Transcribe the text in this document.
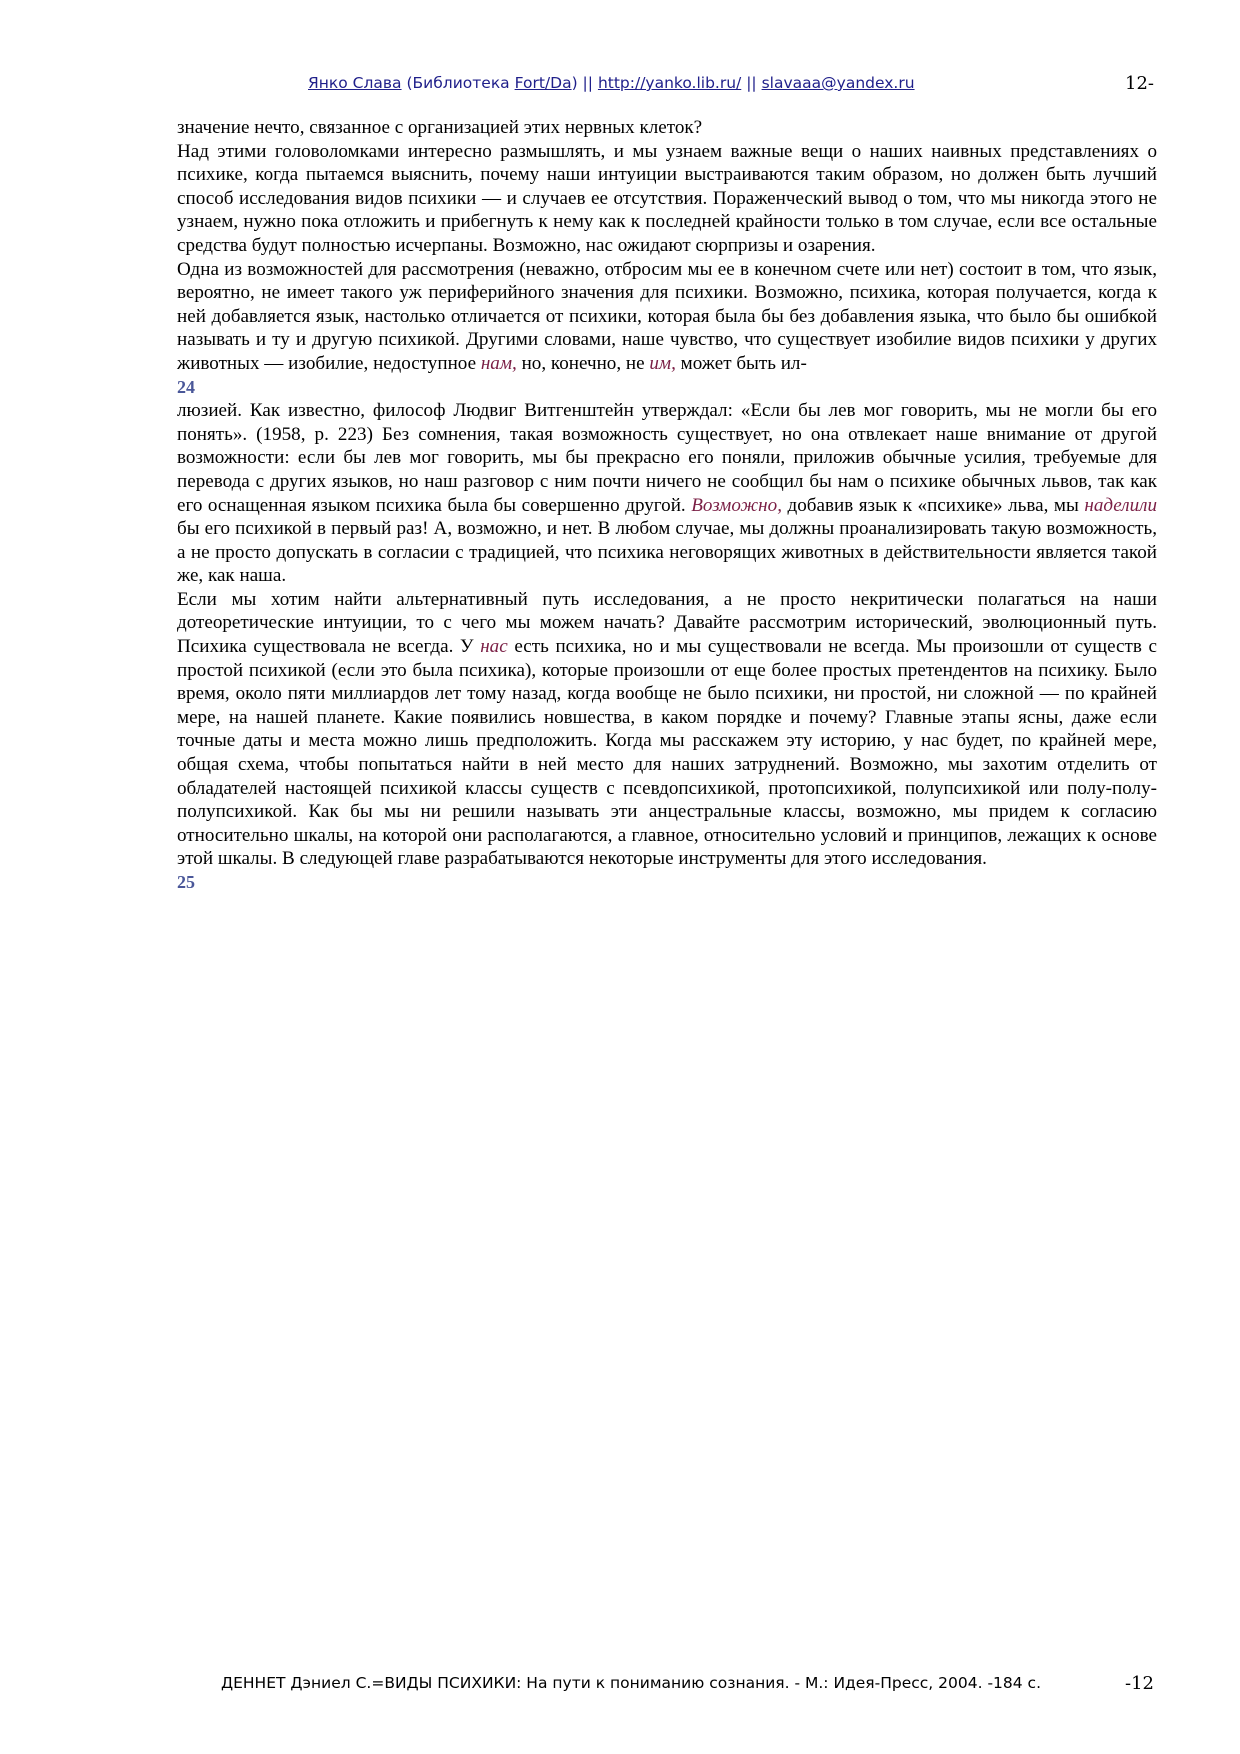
Янко Слава (Библиотека Fort/Da) || http://yanko.lib.ru/ || slavaaa@yandex.ru	12-

значение нечто, связанное с организацией этих нервных клеток?

Над этими головоломками интересно размышлять, и мы узнаем важные вещи о наших наивных представлениях о психике, когда пытаемся выяснить, почему наши интуиции выстраиваются таким образом, но должен быть лучший способ исследования видов психики — и случаев ее отсутствия. Пораженческий вывод о том, что мы никогда этого не узнаем, нужно пока отложить и прибегнуть к нему как к последней крайности только в том случае, если все остальные средства будут полностью исчерпаны. Возможно, нас ожидают сюрпризы и озарения.

Одна из возможностей для рассмотрения (неважно, отбросим мы ее в конечном счете или нет) состоит в том, что язык, вероятно, не имеет такого уж периферийного значения для психики. Возможно, психика, которая получается, когда к ней добавляется язык, настолько отличается от психики, которая была бы без добавления языка, что было бы ошибкой называть и ту и другую психикой. Другими словами, наше чувство, что существует изобилие видов психики у других животных — изобилие, недоступное нам, но, конечно, не им, может быть ил-

24

люзией. Как известно, философ Людвиг Витгенштейн утверждал: «Если бы лев мог говорить, мы не могли бы его понять». (1958, р. 223) Без сомнения, такая возможность существует, но она отвлекает наше внимание от другой возможности: если бы лев мог говорить, мы бы прекрасно его поняли, приложив обычные усилия, требуемые для перевода с других языков, но наш разговор с ним почти ничего не сообщил бы нам о психике обычных львов, так как его оснащенная языком психика была бы совершенно другой. Возможно, добавив язык к «психике» льва, мы наделили бы его психикой в первый раз! А, возможно, и нет. В любом случае, мы должны проанализировать такую возможность, а не просто допускать в согласии с традицией, что психика неговорящих животных в действительности является такой же, как наша.

Если мы хотим найти альтернативный путь исследования, а не просто некритически полагаться на наши дотеоретические интуиции, то с чего мы можем начать? Давайте рассмотрим исторический, эволюционный путь. Психика существовала не всегда. У нас есть психика, но и мы существовали не всегда. Мы произошли от существ с простой психикой (если это была психика), которые произошли от еще более простых претендентов на психику. Было время, около пяти миллиардов лет тому назад, когда вообще не было психики, ни простой, ни сложной — по крайней мере, на нашей планете. Какие появились новшества, в каком порядке и почему? Главные этапы ясны, даже если точные даты и места можно лишь предположить. Когда мы расскажем эту историю, у нас будет, по крайней мере, общая схема, чтобы попытаться найти в ней место для наших затруднений. Возможно, мы захотим отделить от обладателей настоящей психикой классы существ с псевдопсихикой, протопсихикой, полупсихикой или полу-полу-полупсихикой. Как бы мы ни решили называть эти анцестральные классы, возможно, мы придем к согласию относительно шкалы, на которой они располагаются, а главное, относительно условий и принципов, лежащих к основе этой шкалы. В следующей главе разрабатываются некоторые инструменты для этого исследования.

25
ДЕННЕТ Дэниел С.=ВИДЫ ПСИХИКИ: На пути к пониманию сознания. - М.: Идея-Пресс, 2004. -184 с.	-12
